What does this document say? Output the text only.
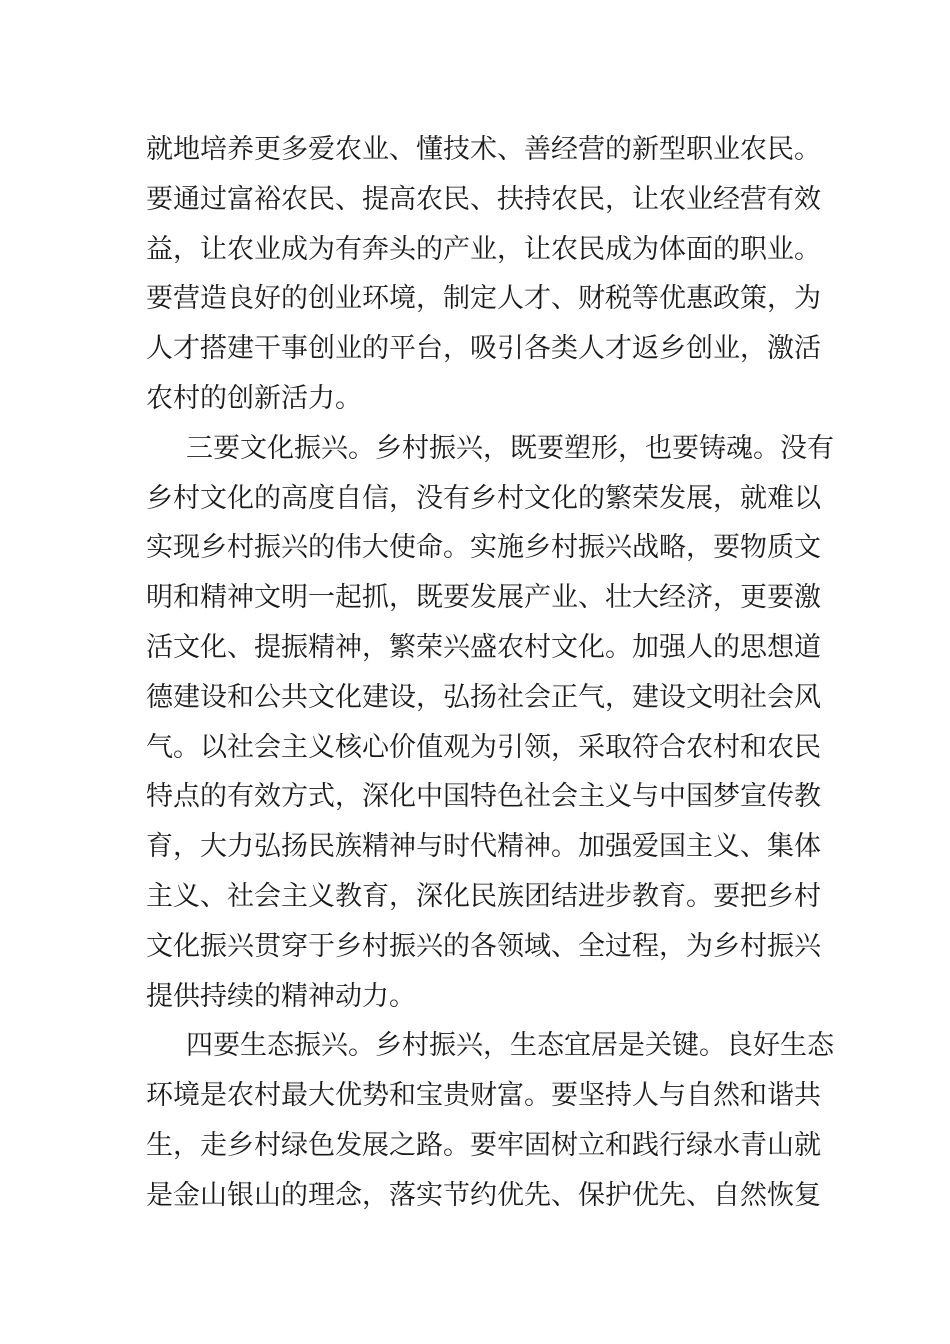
就地培养更多爱农业、懂技术、善经营的新型职业农民。
要通过富裕农民、提高农民、扶持农民，让农业经营有效
益，让农业成为有奔头的产业，让农民成为体面的职业。
要营造良好的创业环境，制定人才、财税等优惠政策，为
人才搭建干事创业的平台，吸引各类人才返乡创业，激活
农村的创新活力。
三要文化振兴。乡村振兴，既要塑形，也要铸魂。没有
乡村文化的高度自信，没有乡村文化的繁荣发展，就难以
实现乡村振兴的伟大使命。实施乡村振兴战略，要物质文
明和精神文明一起抓，既要发展产业、壮大经济，更要激
活文化、提振精神，繁荣兴盛农村文化。加强人的思想道
德建设和公共文化建设，弘扬社会正气，建设文明社会风
气。以社会主义核心价值观为引领，采取符合农村和农民
特点的有效方式，深化中国特色社会主义与中国梦宣传教
育，大力弘扬民族精神与时代精神。加强爱国主义、集体
主义、社会主义教育，深化民族团结进步教育。要把乡村
文化振兴贯穿于乡村振兴的各领域、全过程，为乡村振兴
提供持续的精神动力。
四要生态振兴。乡村振兴，生态宜居是关键。良好生态
环境是农村最大优势和宝贵财富。要坚持人与自然和谐共
生，走乡村绿色发展之路。要牢固树立和践行绿水青山就
是金山银山的理念，落实节约优先、保护优先、自然恢复
